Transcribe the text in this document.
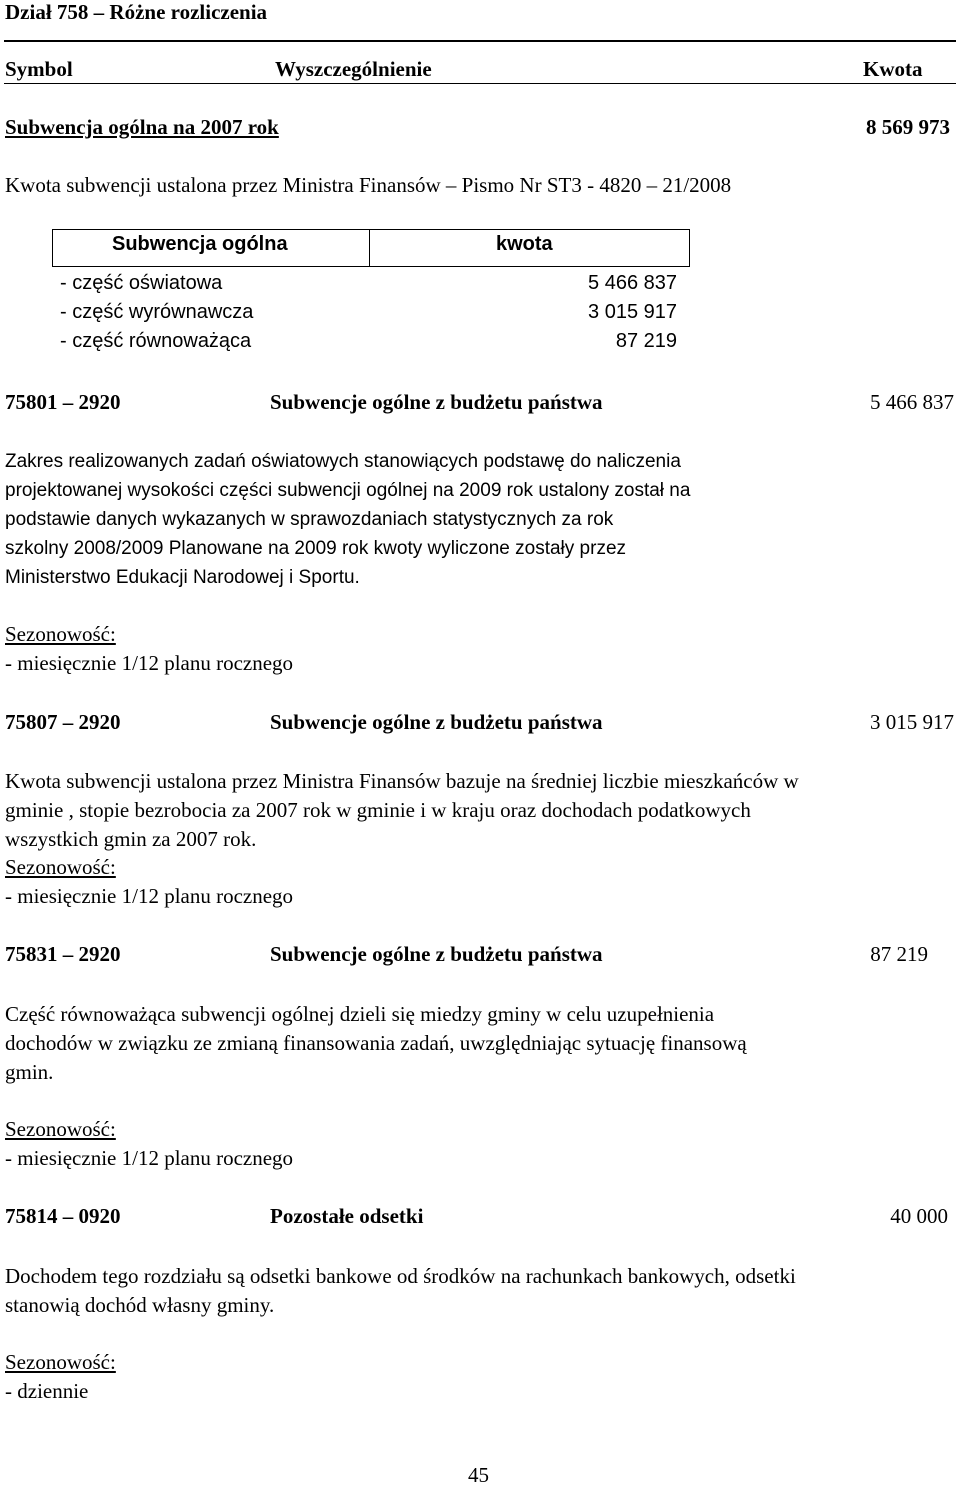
Dział 758 – Różne rozliczenia
Symbol	Wyszczególnienie	Kwota
Subwencja ogólna na 2007 rok	8 569 973
Kwota subwencji ustalona przez Ministra Finansów – Pismo Nr ST3 - 4820 – 21/2008
Subwencja ogólna	kwota
- część oświatowa	5 466 837
- część wyrównawcza	3 015 917
- część równoważąca	87 219
75801 – 2920	Subwencje ogólne z budżetu państwa	5 466 837
Zakres realizowanych zadań oświatowych stanowiących podstawę do naliczenia
projektowanej wysokości części subwencji ogólnej na 2009 rok ustalony został na
podstawie danych wykazanych w sprawozdaniach statystycznych za rok
szkolny 2008/2009 Planowane na 2009 rok kwoty wyliczone zostały przez
Ministerstwo Edukacji Narodowej i Sportu.
Sezonowość:
- miesięcznie 1/12 planu rocznego
75807 – 2920	Subwencje ogólne z budżetu państwa	3 015 917
Kwota subwencji ustalona przez Ministra Finansów bazuje na średniej liczbie mieszkańców w
gminie , stopie bezrobocia za 2007 rok w gminie i w kraju oraz dochodach podatkowych
wszystkich gmin za 2007 rok.
Sezonowość:
- miesięcznie 1/12 planu rocznego
75831 – 2920	Subwencje ogólne z budżetu państwa	87 219
Część równoważąca subwencji ogólnej dzieli się miedzy gminy w celu uzupełnienia
dochodów w związku ze zmianą finansowania zadań, uwzględniając sytuację finansową
gmin.
Sezonowość:
- miesięcznie 1/12 planu rocznego
75814 – 0920	Pozostałe odsetki	40 000
Dochodem tego rozdziału są odsetki bankowe od środków na rachunkach bankowych, odsetki
stanowią dochód własny gminy.
Sezonowość:
- dziennie
45
